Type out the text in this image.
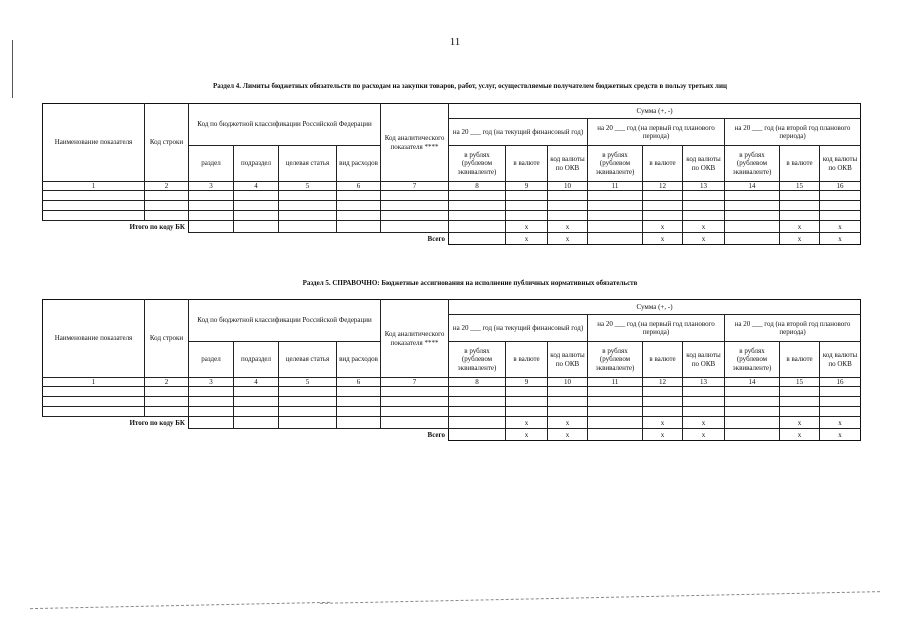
11
Раздел 4. Лимиты бюджетных обязательств по расходам на закупки товаров, работ, услуг, осуществляемые получателем бюджетных средств в пользу третьих лиц
Наименование показателя	Код строки	Код по бюджетной классификации Российской Федерации				Код аналитического показателя ****	Сумма (+, -)								
							на 20 ___ год (на текущий финансовый год)			на 20 ___ год (на первый год планового периода)			на 20 ___ год (на второй год планового периода)		
		раздел	подраздел	целевая статья	вид расходов		в рублях (рублевом эквиваленте)	в валюте	код валюты по ОКВ	в рублях (рублевом эквиваленте)	в валюте	код валюты по ОКВ	в рублях (рублевом эквиваленте)	в валюте	код валюты по ОКВ
1	2	3	4	5	6	7	8	9	10	11	12	13	14	15	16

Итого по коду БК								x	x		x	x		x	x
Всего								x	x		x	x		x	x
Раздел 5. СПРАВОЧНО: Бюджетные ассигнования на исполнение публичных нормативных обязательств
Наименование показателя	Код строки	Код по бюджетной классификации Российской Федерации				Код аналитического показателя ****	Сумма (+, -)								
							на 20 ___ год (на текущий финансовый год)			на 20 ___ год (на первый год планового периода)			на 20 ___ год (на второй год планового периода)		
		раздел	подраздел	целевая статья	вид расходов		в рублях (рублевом эквиваленте)	в валюте	код валюты по ОКВ	в рублях (рублевом эквиваленте)	в валюте	код валюты по ОКВ	в рублях (рублевом эквиваленте)	в валюте	код валюты по ОКВ
1	2	3	4	5	6	7	8	9	10	11	12	13	14	15	16

Итого по коду БК								x	x		x	x		x	x
Всего								x	x		x	x		x	x
